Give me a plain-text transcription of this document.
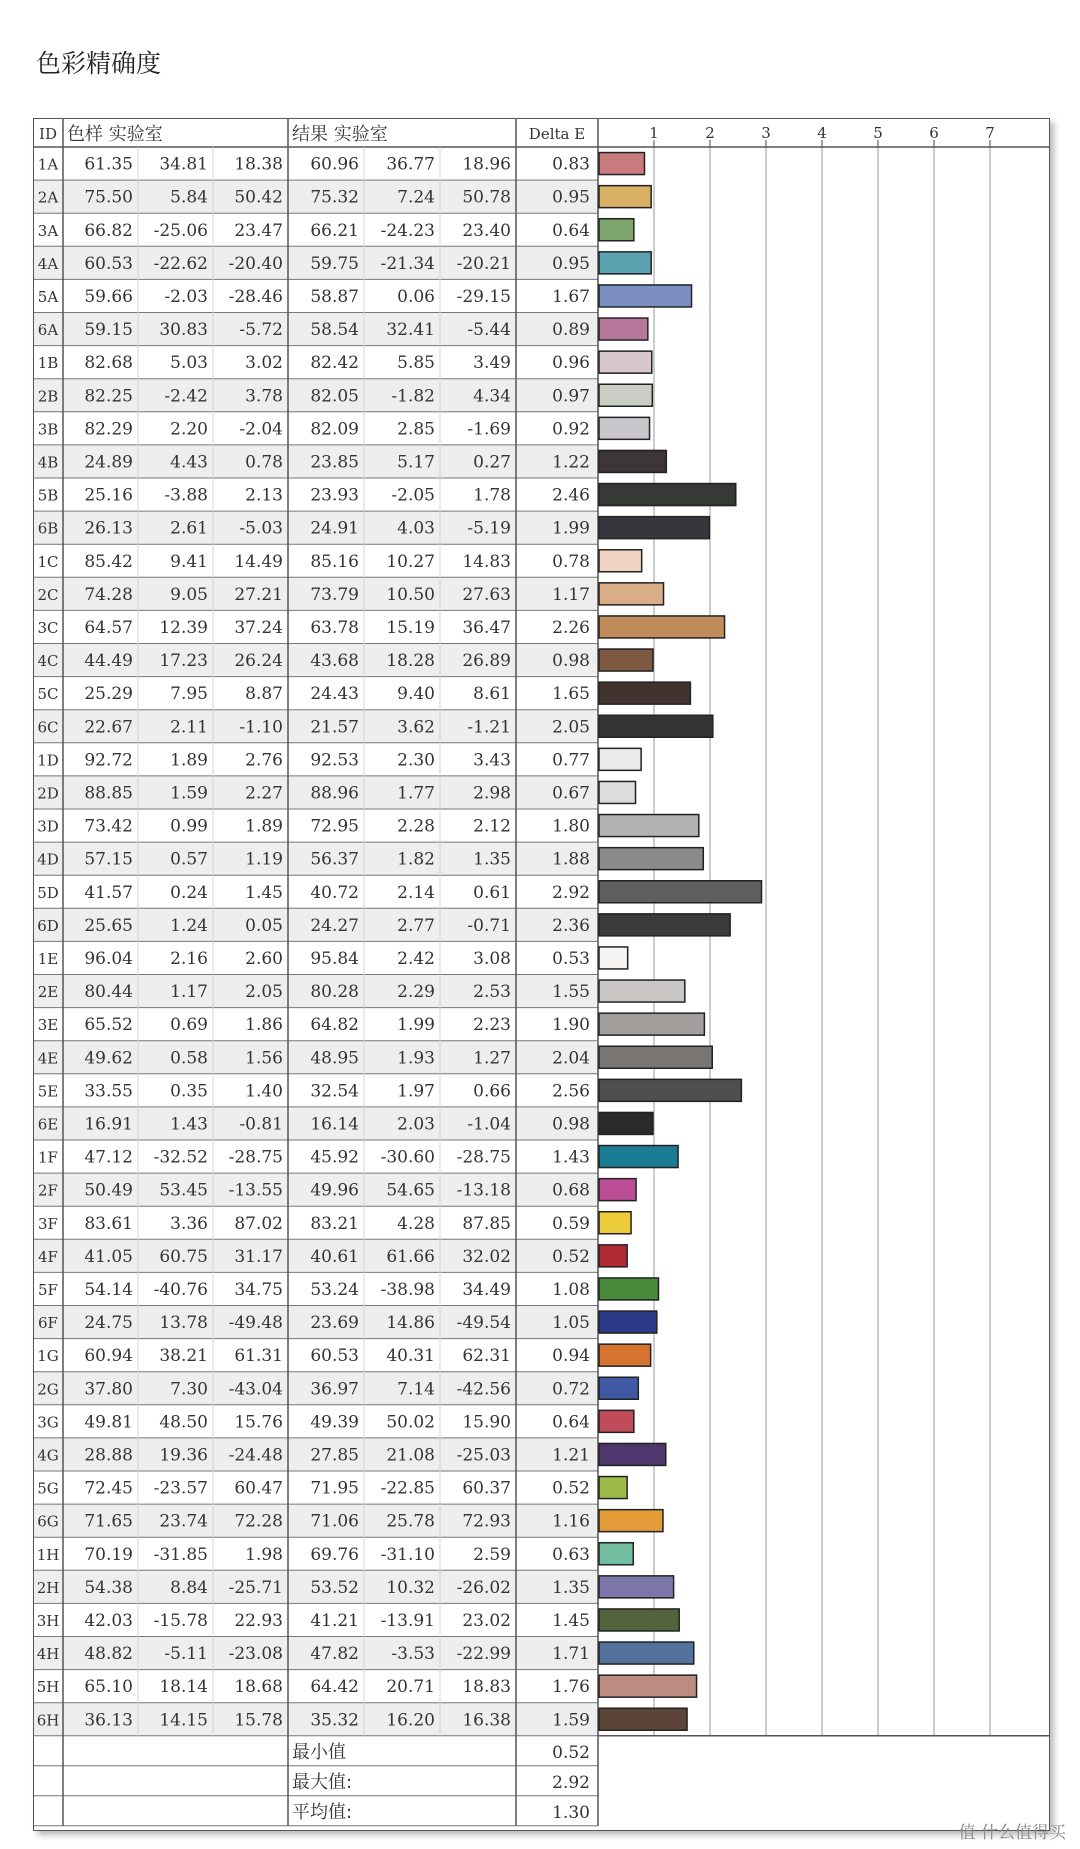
色彩精确度
1	2	3	4	5	6	7
ID 色样 实验室	结果 实验室	Delta E
1A 61.35 34.81 18.38 60.96 36.77 18.96 0.83
2A 75.50 5.84 50.42 75.32 7.24 50.78 0.95
3A 66.82 -25.06 23.47 66.21 -24.23 23.40 0.64
4A 60.53 -22.62 -20.40 59.75 -21.34 -20.21 0.95
5A 59.66 -2.03 -28.46 58.87 0.06 -29.15 1.67
6A 59.15 30.83 -5.72 58.54 32.41 -5.44 0.89
1B 82.68 5.03 3.02 82.42 5.85 3.49 0.96
2B 82.25 -2.42 3.78 82.05 -1.82 4.34 0.97
3B 82.29 2.20 -2.04 82.09 2.85 -1.69 0.92
4B 24.89 4.43 0.78 23.85 5.17 0.27 1.22
5B 25.16 -3.88 2.13 23.93 -2.05 1.78 2.46
6B 26.13 2.61 -5.03 24.91 4.03 -5.19 1.99
1C 85.42 9.41 14.49 85.16 10.27 14.83 0.78
2C 74.28 9.05 27.21 73.79 10.50 27.63 1.17
3C 64.57 12.39 37.24 63.78 15.19 36.47 2.26
4C 44.49 17.23 26.24 43.68 18.28 26.89 0.98
5C 25.29 7.95 8.87 24.43 9.40 8.61 1.65
6C 22.67 2.11 -1.10 21.57 3.62 -1.21 2.05
1D 92.72 1.89 2.76 92.53 2.30 3.43 0.77
2D 88.85 1.59 2.27 88.96 1.77 2.98 0.67
3D 73.42 0.99 1.89 72.95 2.28 2.12 1.80
4D 57.15 0.57 1.19 56.37 1.82 1.35 1.88
5D 41.57 0.24 1.45 40.72 2.14 0.61 2.92
6D 25.65 1.24 0.05 24.27 2.77 -0.71 2.36
1E 96.04 2.16 2.60 95.84 2.42 3.08 0.53
2E 80.44 1.17 2.05 80.28 2.29 2.53 1.55
3E 65.52 0.69 1.86 64.82 1.99 2.23 1.90
4E 49.62 0.58 1.56 48.95 1.93 1.27 2.04
5E 33.55 0.35 1.40 32.54 1.97 0.66 2.56
6E 16.91 1.43 -0.81 16.14 2.03 -1.04 0.98
1F 47.12 -32.52 -28.75 45.92 -30.60 -28.75 1.43
2F 50.49 53.45 -13.55 49.96 54.65 -13.18 0.68
3F 83.61 3.36 87.02 83.21 4.28 87.85 0.59
4F 41.05 60.75 31.17 40.61 61.66 32.02 0.52
5F 54.14 -40.76 34.75 53.24 -38.98 34.49 1.08
6F 24.75 13.78 -49.48 23.69 14.86 -49.54 1.05
1G 60.94 38.21 61.31 60.53 40.31 62.31 0.94
2G 37.80 7.30 -43.04 36.97 7.14 -42.56 0.72
3G 49.81 48.50 15.76 49.39 50.02 15.90 0.64
4G 28.88 19.36 -24.48 27.85 21.08 -25.03 1.21
5G 72.45 -23.57 60.47 71.95 -22.85 60.37 0.52
6G 71.65 23.74 72.28 71.06 25.78 72.93 1.16
1H 70.19 -31.85 1.98 69.76 -31.10 2.59 0.63
2H 54.38 8.84 -25.71 53.52 10.32 -26.02 1.35
3H 42.03 -15.78 22.93 41.21 -13.91 23.02 1.45
4H 48.82 -5.11 -23.08 47.82 -3.53 -22.99 1.71
5H 65.10 18.14 18.68 64.42 20.71 18.83 1.76
6H 36.13 14.15 15.78 35.32 16.20 16.38 1.59
最小值	0.52
最大值:	2.92
平均值:	1.30
值 什么值得买
